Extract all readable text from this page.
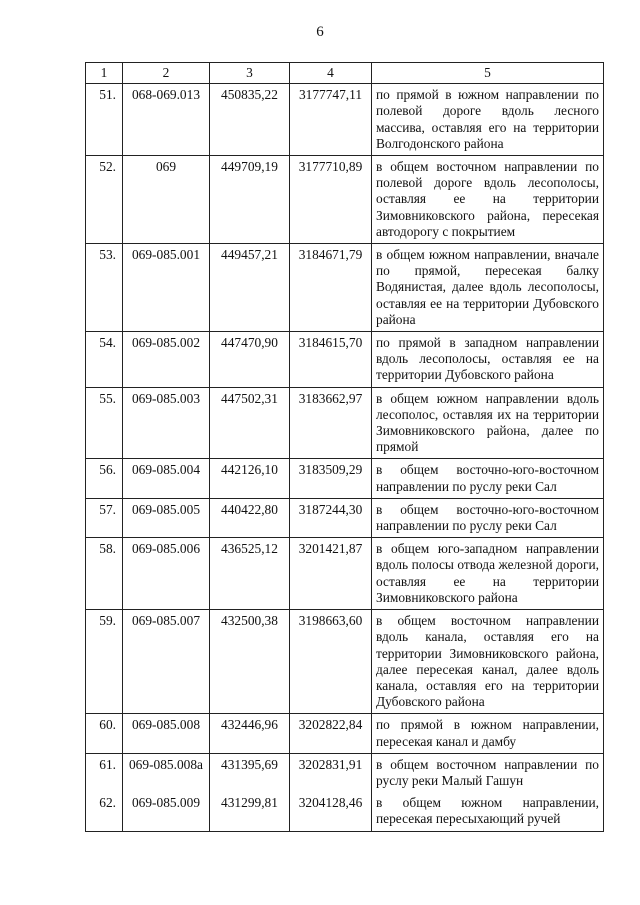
6
1	2	3	4	5
51.	068-069.013	450835,22	3177747,11	по прямой в южном направлении по полевой дороге вдоль лесного массива, оставляя его на территории Волгодонского района
52.	069	449709,19	3177710,89	в общем восточном направлении по полевой дороге вдоль лесополосы, оставляя ее на территории Зимовниковского района, пересекая автодорогу с покрытием
53.	069-085.001	449457,21	3184671,79	в общем южном направлении, вначале по прямой, пересекая балку Водянистая, далее вдоль лесополосы, оставляя ее на территории Дубовского района
54.	069-085.002	447470,90	3184615,70	по прямой в западном направлении вдоль лесополосы, оставляя ее на территории Дубовского района
55.	069-085.003	447502,31	3183662,97	в общем южном направлении вдоль лесополос, оставляя их на территории Зимовниковского района, далее по прямой
56.	069-085.004	442126,10	3183509,29	в общем восточно-юго-восточном направлении по руслу реки Сал
57.	069-085.005	440422,80	3187244,30	в общем восточно-юго-восточном направлении по руслу реки Сал
58.	069-085.006	436525,12	3201421,87	в общем юго-западном направлении вдоль полосы отвода железной дороги, оставляя ее на территории Зимовниковского района
59.	069-085.007	432500,38	3198663,60	в общем восточном направлении вдоль канала, оставляя его на территории Зимовниковского района, далее пересекая канал, далее вдоль канала, оставляя его на территории Дубовского района
60.	069-085.008	432446,96	3202822,84	по прямой в южном направлении, пересекая канал и дамбу
61.	069-085.008а	431395,69	3202831,91	в общем восточном направлении по руслу реки Малый Гашун
62.	069-085.009	431299,81	3204128,46	в общем южном направлении, пересекая пересыхающий ручей
